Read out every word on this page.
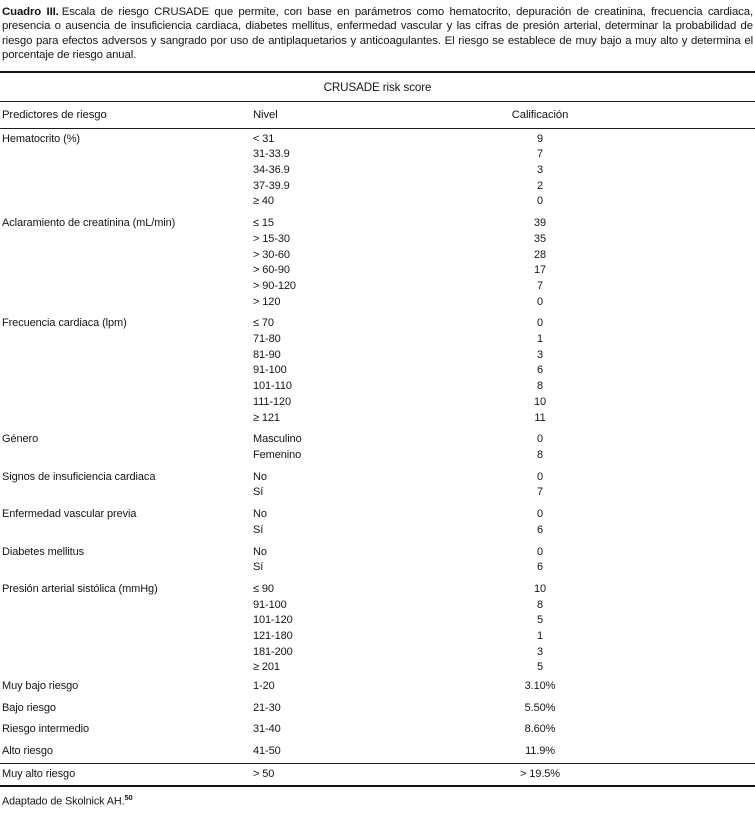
Cuadro III. Escala de riesgo CRUSADE que permite, con base en parámetros como hematocrito, depuración de creatinina, frecuencia cardiaca, presencia o ausencia de insuficiencia cardiaca, diabetes mellitus, enfermedad vascular y las cifras de presión arterial, determinar la probabilidad de riesgo para efectos adversos y sangrado por uso de antiplaquetarios y anticoagulantes. El riesgo se establece de muy bajo a muy alto y determina el porcentaje de riesgo anual.

CRUSADE risk score
Predictores de riesgo	Nivel	Calificación
Hematocrito (%)	< 31	9
31-33.9	7
34-36.9	3
37-39.9	2
≥ 40	0
Aclaramiento de creatinina (mL/min)	≤ 15	39
> 15-30	35
> 30-60	28
> 60-90	17
> 90-120	7
> 120	0
Frecuencia cardiaca (lpm)	≤ 70	0
71-80	1
81-90	3
91-100	6
101-110	8
111-120	10
≥ 121	11
Género	Masculino	0
Femenino	8
Signos de insuficiencia cardiaca	No	0
Sí	7
Enfermedad vascular previa	No	0
Sí	6
Diabetes mellitus	No	0
Sí	6
Presión arterial sistólica (mmHg)	≤ 90	10
91-100	8
101-120	5
121-180	1
181-200	3
≥ 201	5
Muy bajo riesgo	1-20	3.10%
Bajo riesgo	21-30	5.50%
Riesgo intermedio	31-40	8.60%
Alto riesgo	41-50	11.9%
Muy alto riesgo	> 50	> 19.5%

Adaptado de Skolnick AH.$^{50}$
